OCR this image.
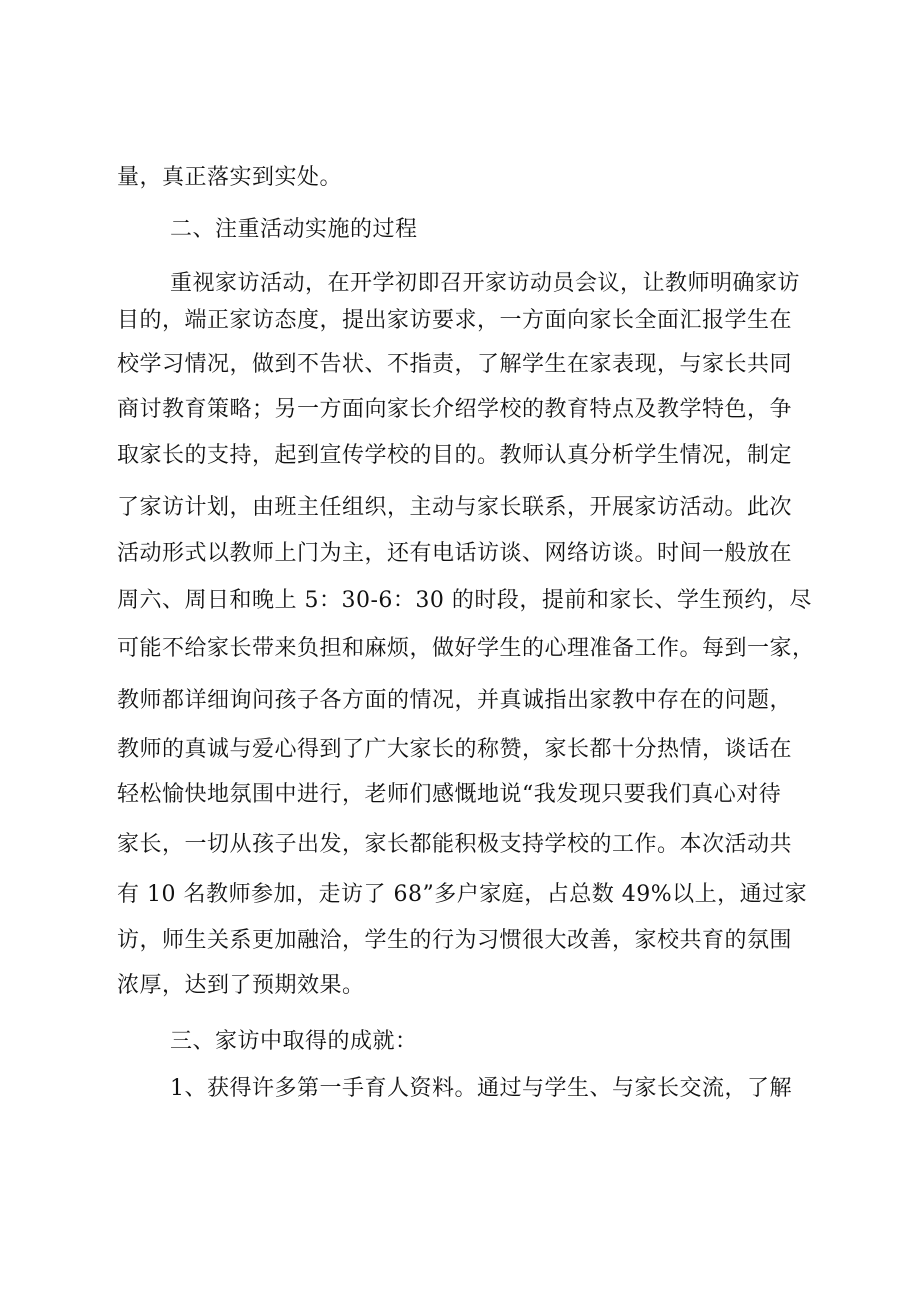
量，真正落实到实处。
二、注重活动实施的过程
重视家访活动，在开学初即召开家访动员会议，让教师明确家访
目的，端正家访态度，提出家访要求，一方面向家长全面汇报学生在
校学习情况，做到不告状、不指责，了解学生在家表现，与家长共同
商讨教育策略；另一方面向家长介绍学校的教育特点及教学特色，争
取家长的支持，起到宣传学校的目的。教师认真分析学生情况，制定
了家访计划，由班主任组织，主动与家长联系，开展家访活动。此次
活动形式以教师上门为主，还有电话访谈、网络访谈。时间一般放在
周六、周日和晚上 5：30-6：30 的时段，提前和家长、学生预约，尽
可能不给家长带来负担和麻烦，做好学生的心理准备工作。每到一家，
教师都详细询问孩子各方面的情况，并真诚指出家教中存在的问题，
教师的真诚与爱心得到了广大家长的称赞，家长都十分热情，谈话在
轻松愉快地氛围中进行，老师们感慨地说“我发现只要我们真心对待
家长，一切从孩子出发，家长都能积极支持学校的工作。本次活动共
有 10 名教师参加，走访了 68”多户家庭，占总数 49%以上，通过家
访，师生关系更加融洽，学生的行为习惯很大改善，家校共育的氛围
浓厚，达到了预期效果。
三、家访中取得的成就：
1、获得许多第一手育人资料。通过与学生、与家长交流，了解
